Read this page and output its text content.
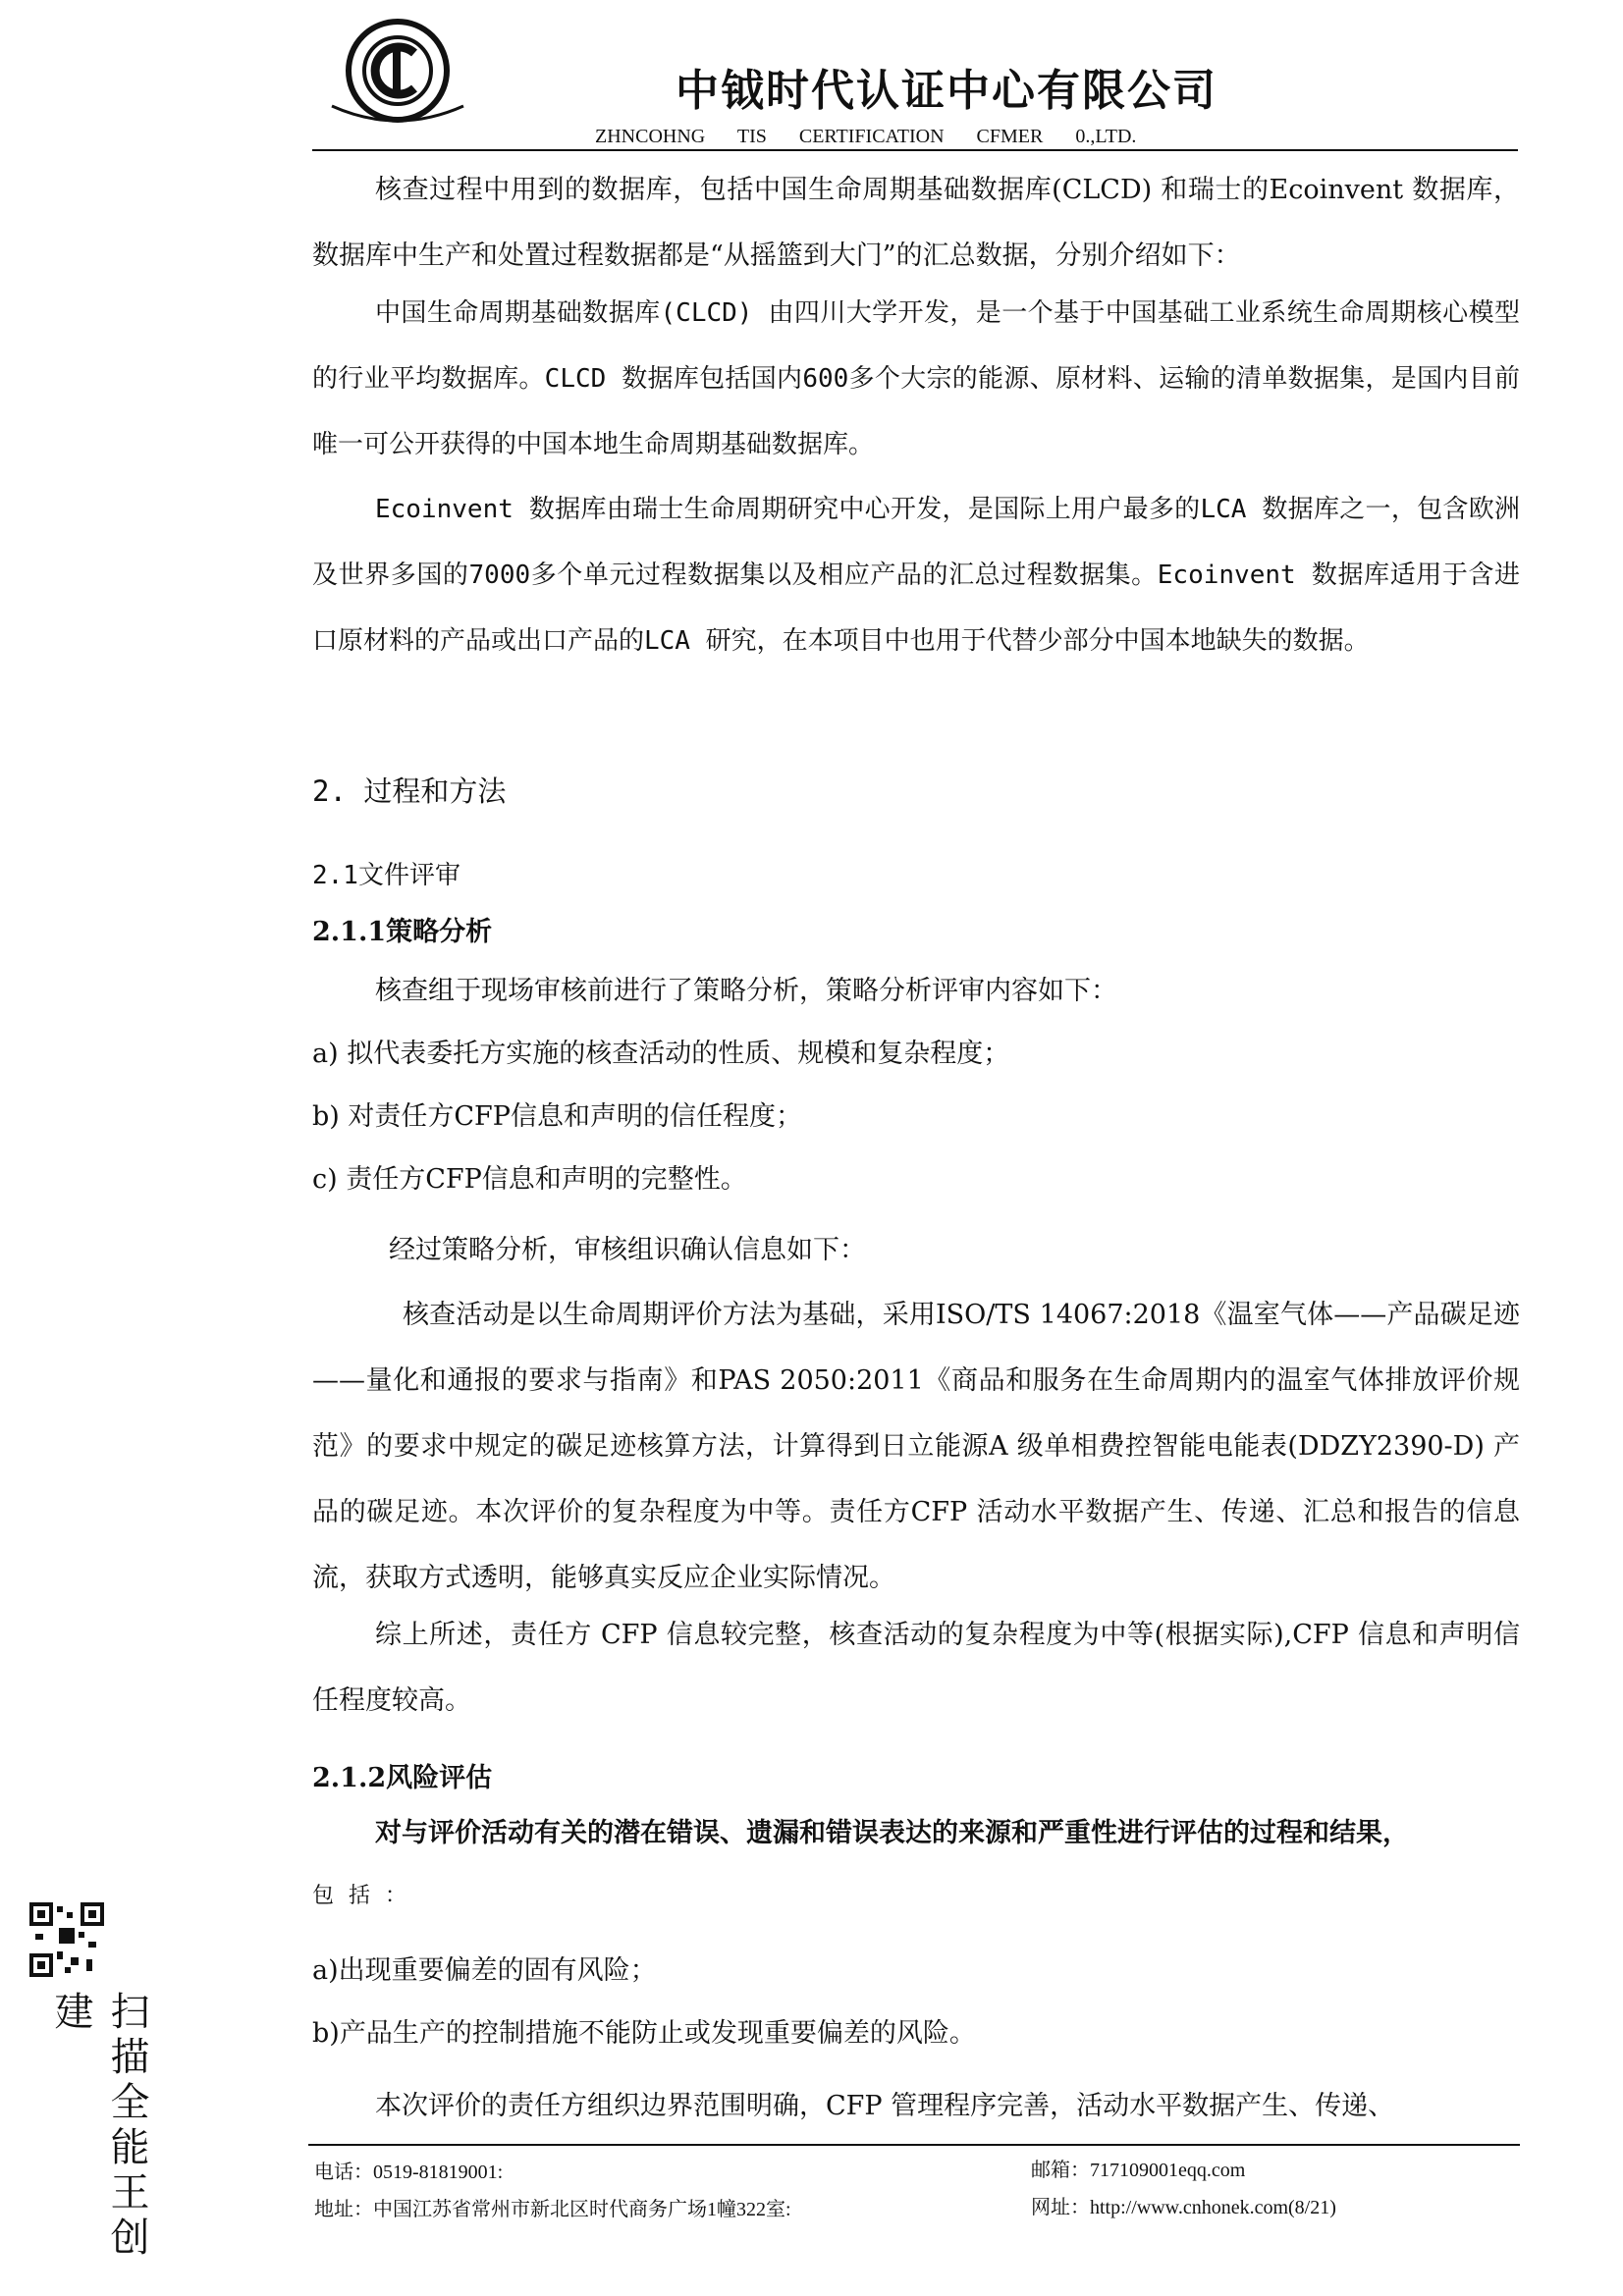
中钺时代认证中心有限公司
ZHNCOHNG TIS CERTIFICATION CFMER 0.,LTD.

核查过程中用到的数据库，包括中国生命周期基础数据库(CLCD) 和瑞士的Ecoinvent 数据库，数据库中生产和处置过程数据都是“从摇篮到大门”的汇总数据，分别介绍如下：

中国生命周期基础数据库(CLCD) 由四川大学开发，是一个基于中国基础工业系统生命周期核心模型的行业平均数据库。CLCD 数据库包括国内600多个大宗的能源、原材料、运输的清单数据集，是国内目前唯一可公开获得的中国本地生命周期基础数据库。

Ecoinvent 数据库由瑞士生命周期研究中心开发，是国际上用户最多的LCA 数据库之一，包含欧洲及世界多国的7000多个单元过程数据集以及相应产品的汇总过程数据集。Ecoinvent 数据库适用于含进口原材料的产品或出口产品的LCA 研究，在本项目中也用于代替少部分中国本地缺失的数据。

2. 过程和方法

2.1文件评审

2.1.1策略分析

核查组于现场审核前进行了策略分析，策略分析评审内容如下：

a) 拟代表委托方实施的核查活动的性质、规模和复杂程度；

b) 对责任方CFP信息和声明的信任程度；

c) 责任方CFP信息和声明的完整性。

经过策略分析，审核组识确认信息如下：

核查活动是以生命周期评价方法为基础，采用ISO/TS 14067:2018《温室气体——产品碳足迹——量化和通报的要求与指南》和PAS 2050:2011《商品和服务在生命周期内的温室气体排放评价规范》的要求中规定的碳足迹核算方法，计算得到日立能源A 级单相费控智能电能表(DDZY2390-D) 产品的碳足迹。本次评价的复杂程度为中等。责任方CFP 活动水平数据产生、传递、汇总和报告的信息流，获取方式透明，能够真实反应企业实际情况。

综上所述，责任方 CFP 信息较完整，核查活动的复杂程度为中等(根据实际),CFP 信息和声明信任程度较高。

2.1.2风险评估

对与评价活动有关的潜在错误、遗漏和错误表达的来源和严重性进行评估的过程和结果，

包 括 ：

a)出现重要偏差的固有风险；

b)产品生产的控制措施不能防止或发现重要偏差的风险。

本次评价的责任方组织边界范围明确，CFP 管理程序完善，活动水平数据产生、传递、

电话：0519-81819001:
地址：中国江苏省常州市新北区时代商务广场1幢322室:
邮箱：717109001eqq.com
网址：http://www.cnhonek.com(8/21)
扫描全能王创建
